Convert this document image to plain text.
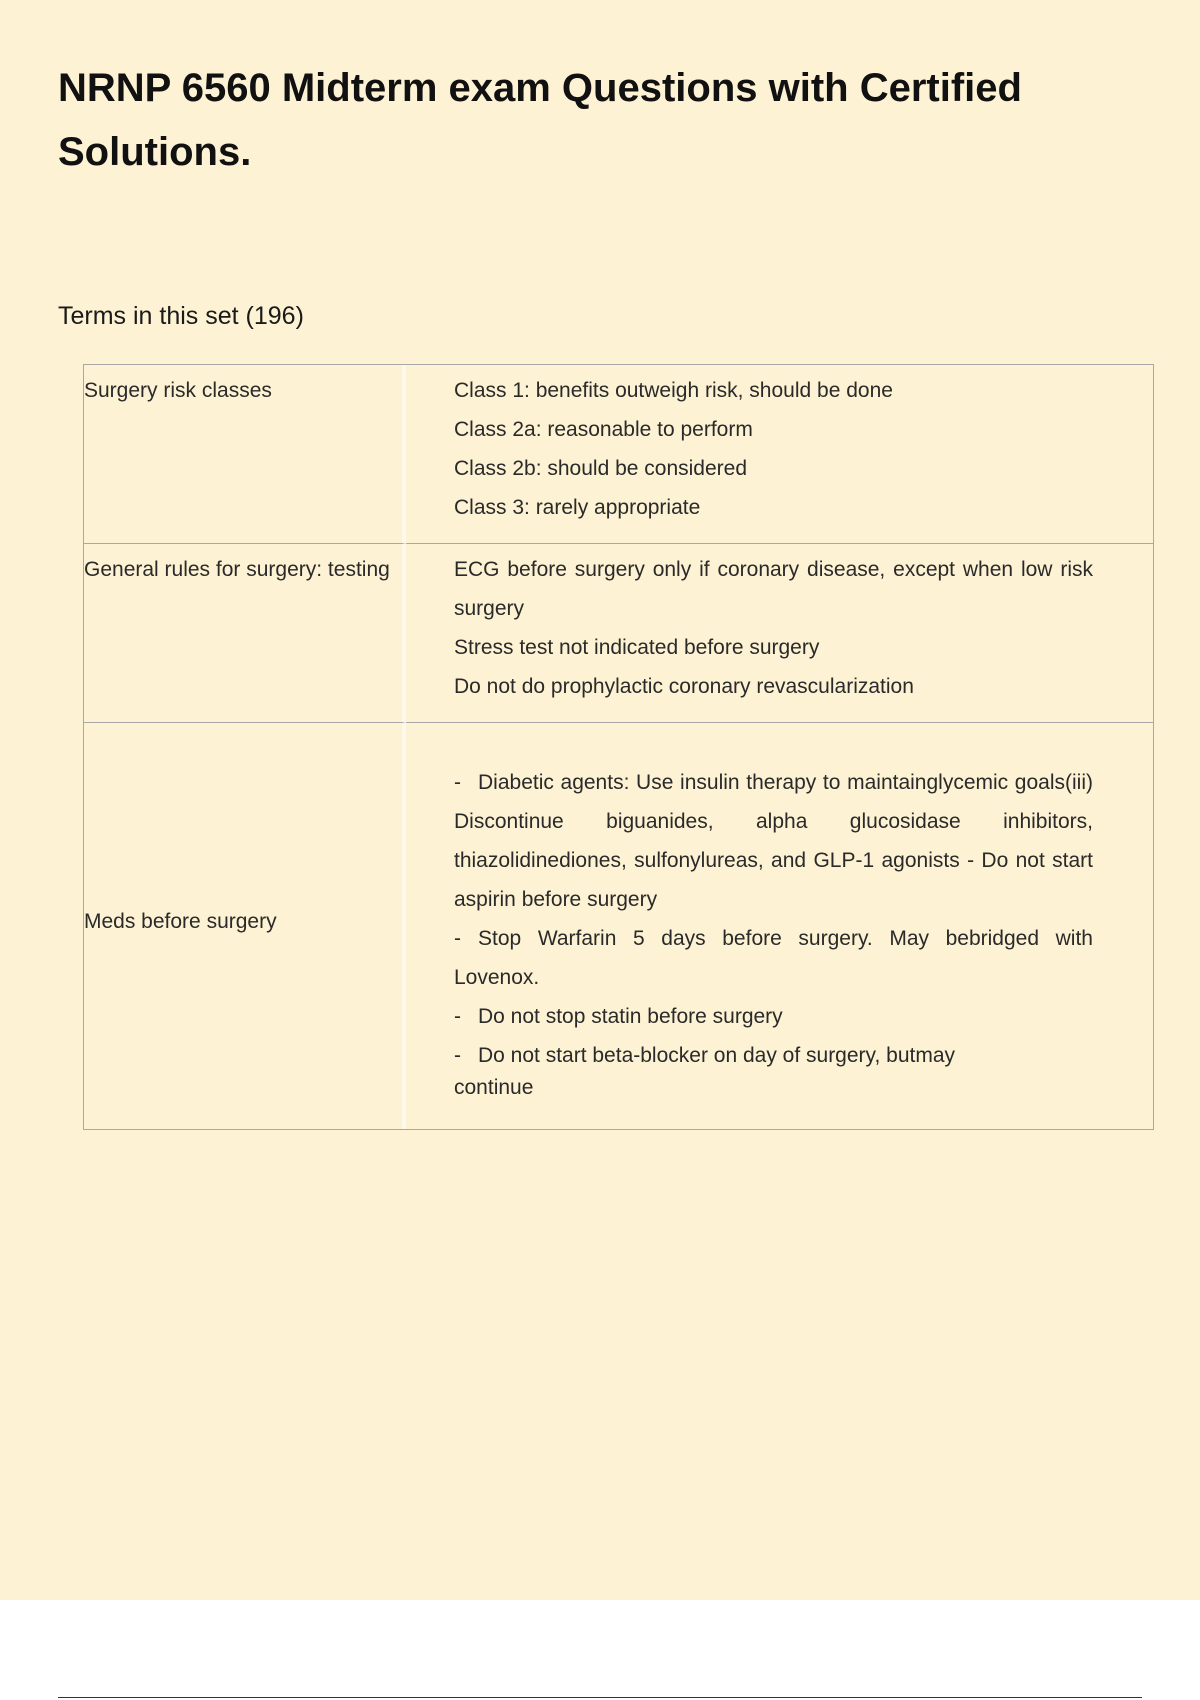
NRNP 6560 Midterm exam Questions with Certified Solutions.

Terms in this set (196)

Surgery risk classes	Class 1: benefits outweigh risk, should be done
Class 2a: reasonable to perform
Class 2b: should be considered
Class 3: rarely appropriate

General rules for surgery: testing	ECG before surgery only if coronary disease, except when low risk surgery
Stress test not indicated before surgery
Do not do prophylactic coronary revascularization

Meds before surgery	- Diabetic agents: Use insulin therapy to maintainglycemic goals(iii) Discontinue biguanides, alpha glucosidase inhibitors, thiazolidinediones, sulfonylureas, and GLP-1 agonists - Do not start aspirin before surgery
- Stop Warfarin 5 days before surgery. May bebridged with Lovenox.
- Do not stop statin before surgery
- Do not start beta-blocker on day of surgery, butmay
continue
